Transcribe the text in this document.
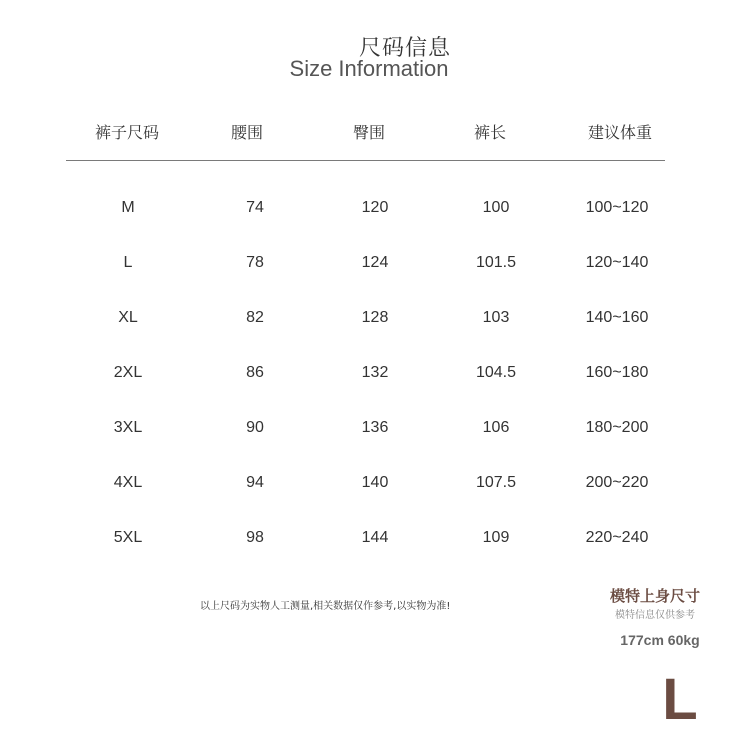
尺码信息
Size Information
裤子尺码	腰围	臀围	裤长	建议体重
M	74	120	100	100~120
L	78	124	101.5	120~140
XL	82	128	103	140~160
2XL	86	132	104.5	160~180
3XL	90	136	106	180~200
4XL	94	140	107.5	200~220
5XL	98	144	109	220~240
以上尺码为实物人工测量,相关数据仅作参考,以实物为准!
模特上身尺寸
模特信息仅供参考
177cm 60kg
L
